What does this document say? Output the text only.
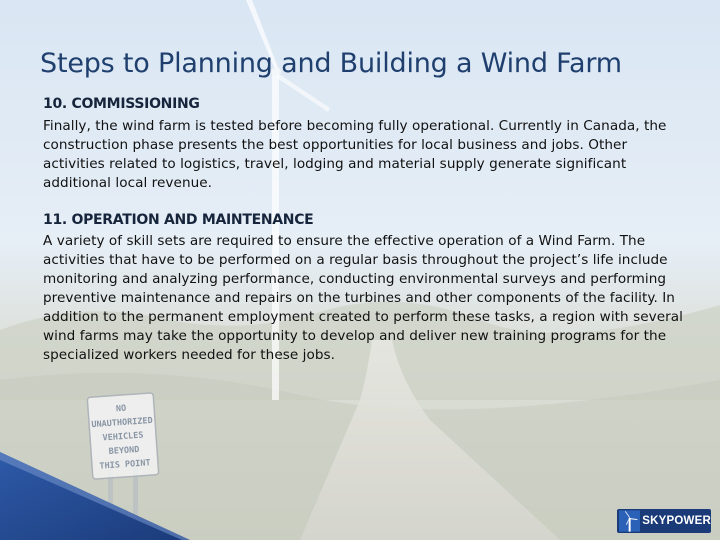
NO
UNAUTHORIZED
VEHICLES
BEYOND
THIS POINT
Steps to Planning and Building a Wind Farm
10. COMMISSIONING
Finally, the wind farm is tested before becoming fully operational. Currently in Canada, the construction phase presents the best opportunities for local business and jobs. Other activities related to logistics, travel, lodging and material supply generate significant additional local revenue.
11. OPERATION AND MAINTENANCE
A variety of skill sets are required to ensure the effective operation of a Wind Farm. The activities that have to be performed on a regular basis throughout the project’s life include monitoring and analyzing performance, conducting environmental surveys and performing preventive maintenance and repairs on the turbines and other components of the facility. In addition to the permanent employment created to perform these tasks, a region with several wind farms may take the opportunity to develop and deliver new training programs for the specialized workers needed for these jobs.
SKYPOWER
